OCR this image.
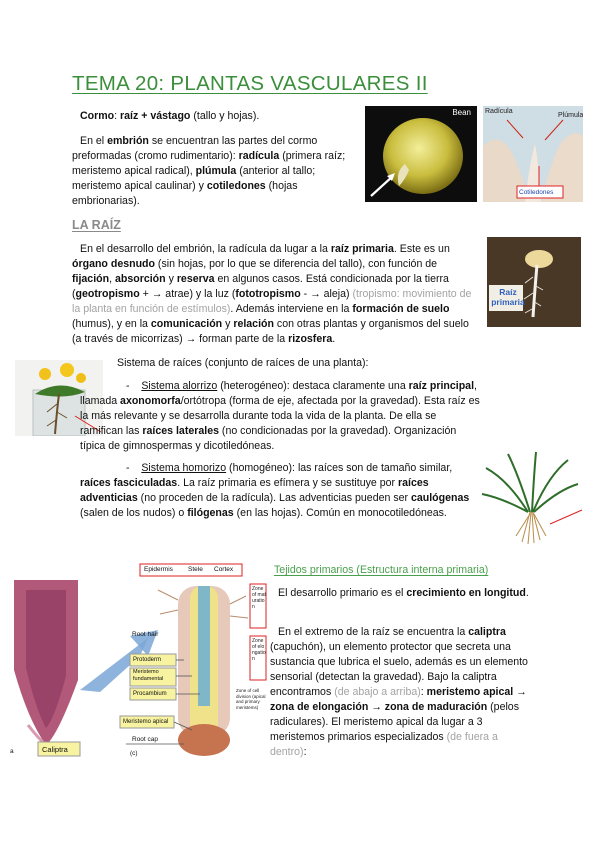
TEMA 20: PLANTAS VASCULARES II

Cormo: raíz + vástago (tallo y hojas).

En el embrión se encuentran las partes del cormo preformadas (cromo rudimentario): radícula (primera raíz; meristemo apical radical), plúmula (anterior al tallo; meristemo apical caulinar) y cotiledones (hojas embrionarias).

Bean Radícula
Plúmula
Cotiledones
LA RAÍZ

En el desarrollo del embrión, la radícula da lugar a la raíz primaria. Este es un órgano desnudo (sin hojas, por lo que se diferencia del tallo), con función de fijación, absorción y reserva en algunos casos. Está condicionada por la tierra (geotropismo + → atrae) y la luz (fototropismo - → aleja) (tropismo: movimiento de la planta en función de estímulos). Además interviene en la formación de suelo (humus), y en la comunicación y relación con otras plantas y organismos del suelo (a través de micorrizas) → forman parte de la rizosfera.

Raíz primaria

Sistema de raíces (conjunto de raíces de una planta):

- Sistema alorrizo (heterogéneo): destaca claramente una raíz principal, llamada axonomorfa/ortótropa (forma de eje, afectada por la gravedad). Esta raíz es la más relevante y se desarrolla durante toda la vida de la planta. De ella se ramifican las raíces laterales (no condicionadas por la gravedad). Organización típica de gimnospermas y dicotiledóneas.

- Sistema homorizo (homogéneo): las raíces son de tamaño similar, raíces fasciculadas. La raíz primaria es efímera y se sustituye por raíces adventicias (no proceden de la radícula). Las adventicias pueden ser caulógenas (salen de los nudos) o filógenas (en las hojas). Común en monocotiledóneas.

Epidermis Stele Cortex
Zone of maturation
Zone of elongation
Zone of cell division (apical and primary meristems)
Root hair
Protoderm
Meristemo fundamental
Procambium
Meristemo apical
Root cap
Caliptra	(c)
a
Tejidos primarios (Estructura interna primaria)

El desarrollo primario es el crecimiento en longitud.

En el extremo de la raíz se encuentra la caliptra (capuchón), un elemento protector que secreta una sustancia que lubrica el suelo, además es un elemento sensorial (detectan la gravedad). Bajo la caliptra encontramos (de abajo a arriba): meristemo apical → zona de elongación → zona de maduración (pelos radiculares). El meristemo apical da lugar a 3 meristemos primarios especializados (de fuera a dentro):
